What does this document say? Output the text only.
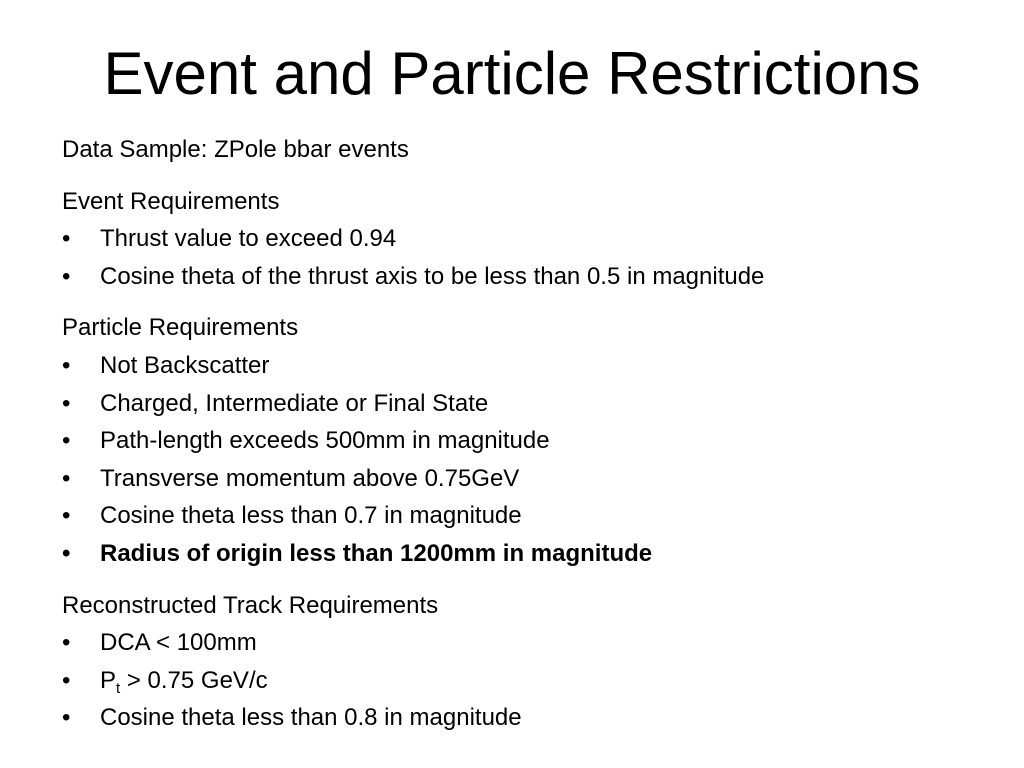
Event and Particle Restrictions

Data Sample: ZPole bbar events

Event Requirements

• Thrust value to exceed 0.94
• Cosine theta of the thrust axis to be less than 0.5 in magnitude

Particle Requirements

• Not Backscatter
• Charged, Intermediate or Final State
• Path-length exceeds 500mm in magnitude
• Transverse momentum above 0.75GeV
• Cosine theta less than 0.7 in magnitude
• Radius of origin less than 1200mm in magnitude

Reconstructed Track Requirements

• DCA < 100mm
• $P_t > 0.75$ GeV/c
• Cosine theta less than 0.8 in magnitude
